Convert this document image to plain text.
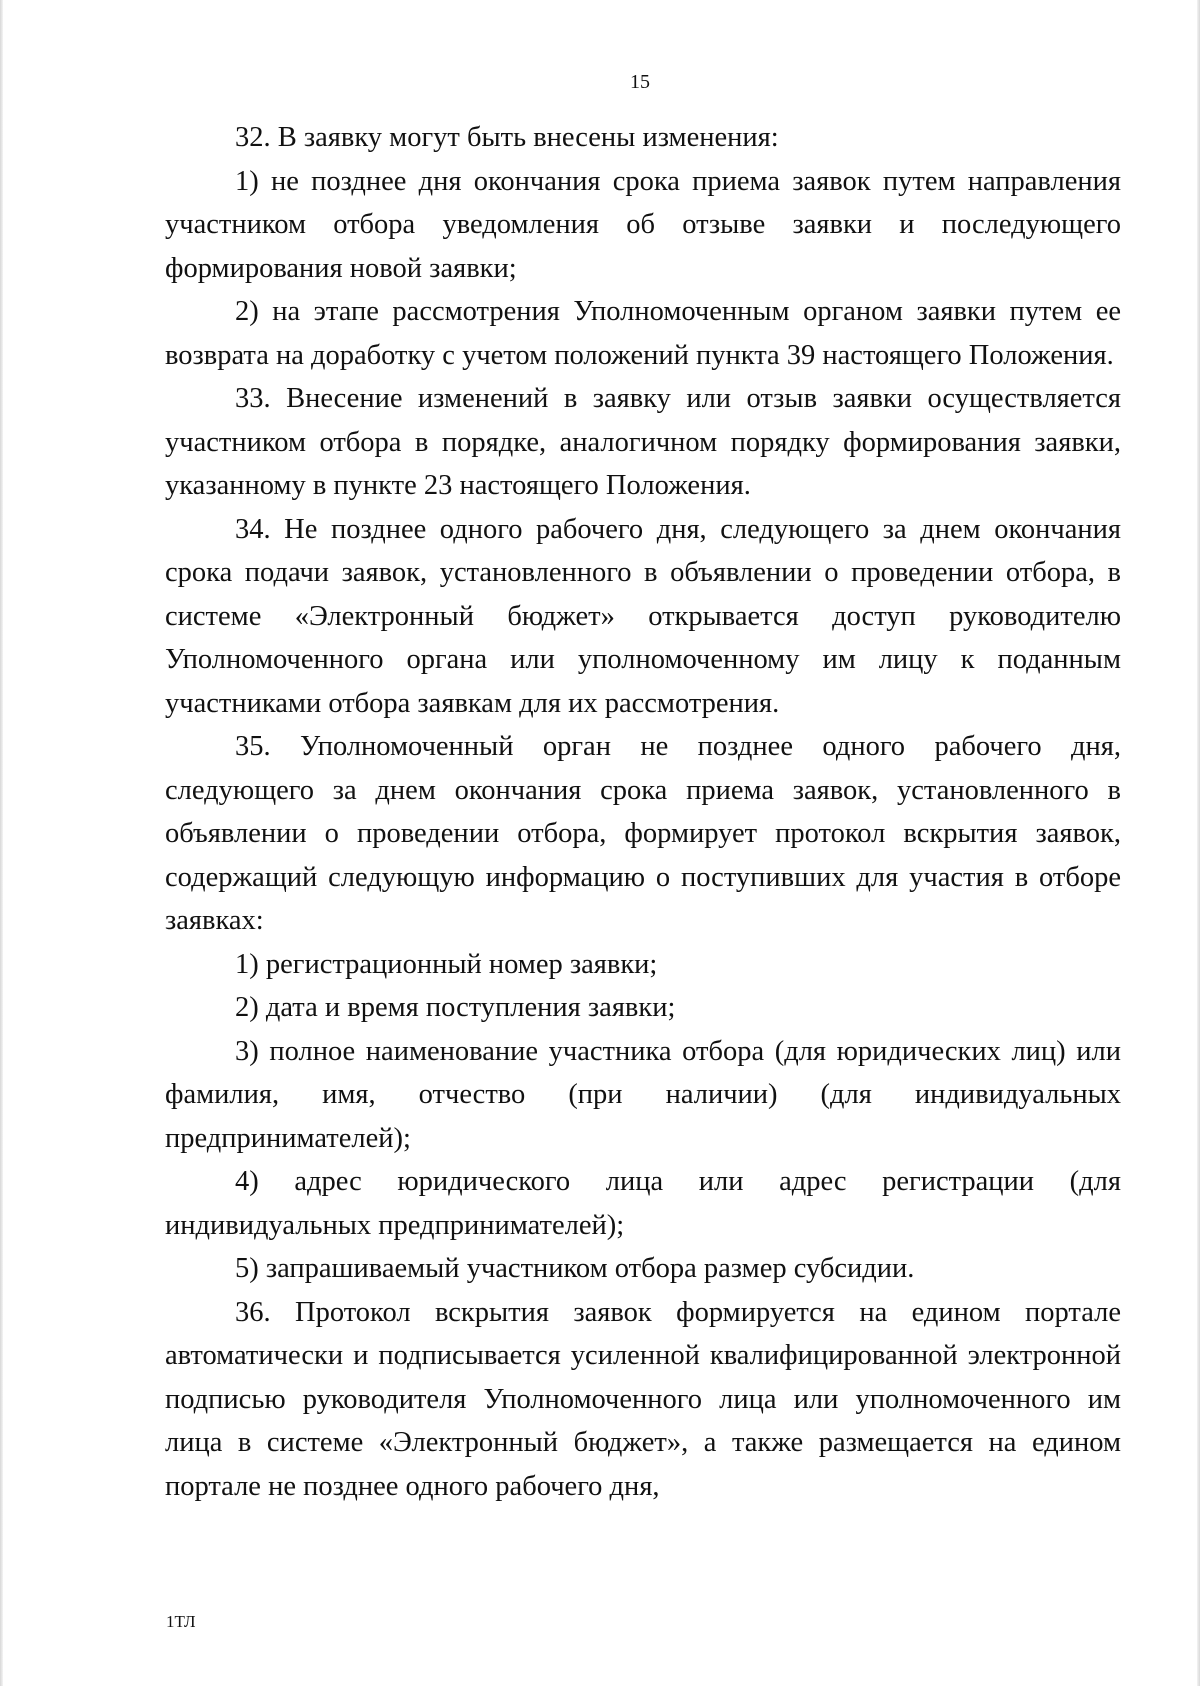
15

32. В заявку могут быть внесены изменения:

1) не позднее дня окончания срока приема заявок путем направления участником отбора уведомления об отзыве заявки и последующего формирования новой заявки;

2) на этапе рассмотрения Уполномоченным органом заявки путем ее возврата на доработку с учетом положений пункта 39 настоящего Положения.

33. Внесение изменений в заявку или отзыв заявки осуществляется участником отбора в порядке, аналогичном порядку формирования заявки, указанному в пункте 23 настоящего Положения.

34. Не позднее одного рабочего дня, следующего за днем окончания срока подачи заявок, установленного в объявлении о проведении отбора, в системе «Электронный бюджет» открывается доступ руководителю Уполномоченного органа или уполномоченному им лицу к поданным участниками отбора заявкам для их рассмотрения.

35. Уполномоченный орган не позднее одного рабочего дня, следующего за днем окончания срока приема заявок, установленного в объявлении о проведении отбора, формирует протокол вскрытия заявок, содержащий следующую информацию о поступивших для участия в отборе заявках:

1) регистрационный номер заявки;

2) дата и время поступления заявки;

3) полное наименование участника отбора (для юридических лиц) или фамилия, имя, отчество (при наличии) (для индивидуальных предпринимателей);

4) адрес юридического лица или адрес регистрации (для индивидуальных предпринимателей);

5) запрашиваемый участником отбора размер субсидии.

36. Протокол вскрытия заявок формируется на едином портале автоматически и подписывается усиленной квалифицированной электронной подписью руководителя Уполномоченного лица или уполномоченного им лица в системе «Электронный бюджет», а также размещается на едином портале не позднее одного рабочего дня,

1ТЛ
